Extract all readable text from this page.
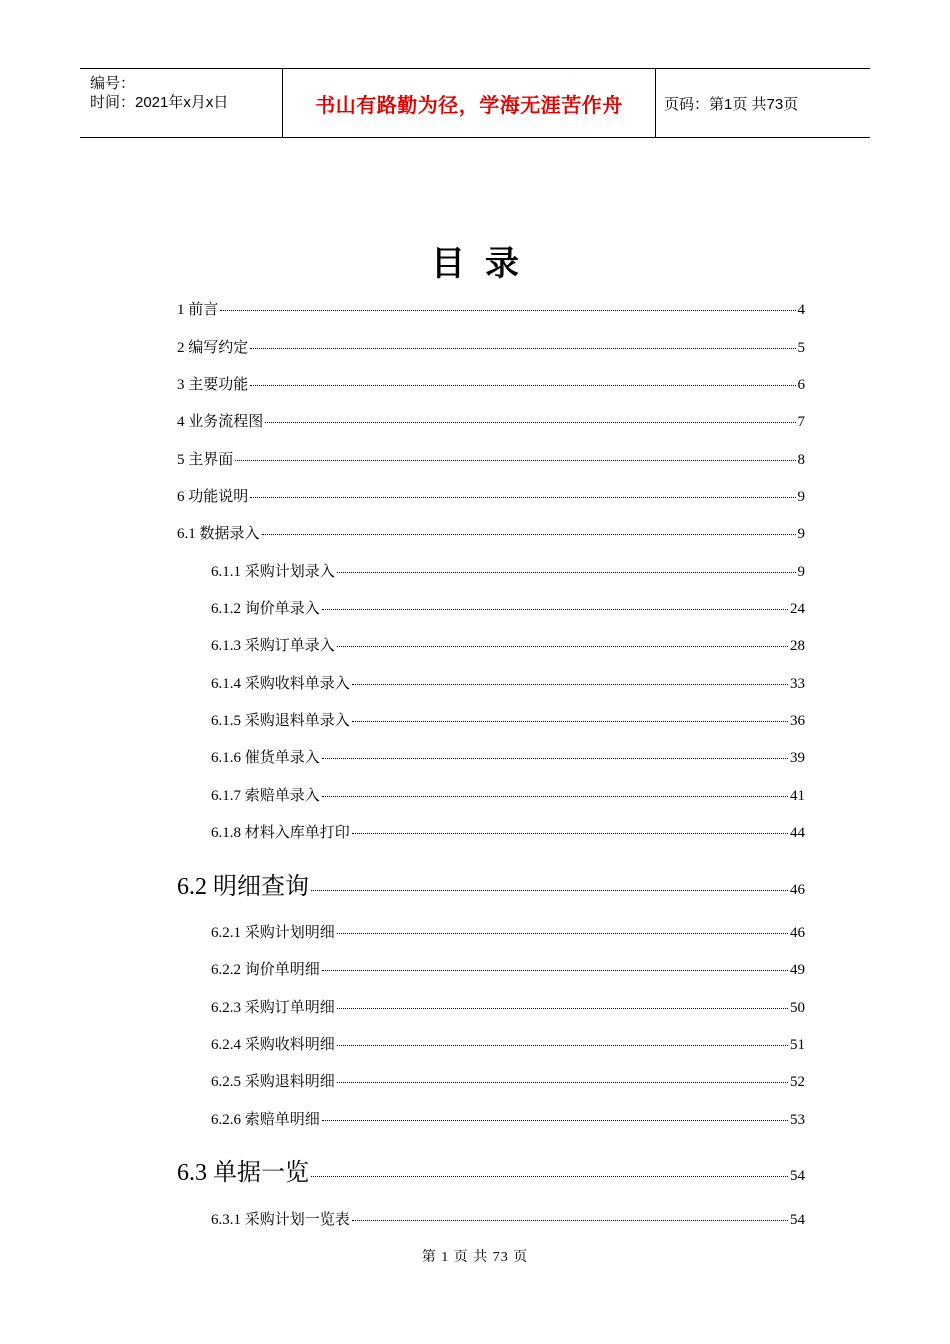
编号：
时间：2021年x月x日	书山有路勤为径，学海无涯苦作舟	页码：第1页 共73页
目录
1 前言	4
2 编写约定	5
3 主要功能	6
4 业务流程图	7
5 主界面	8
6 功能说明	9
6.1 数据录入	9
6.1.1 采购计划录入	9
6.1.2 询价单录入	24
6.1.3 采购订单录入	28
6.1.4 采购收料单录入	33
6.1.5 采购退料单录入	36
6.1.6 催货单录入	39
6.1.7 索赔单录入	41
6.1.8 材料入库单打印	44
6.2 明细查询	46
6.2.1 采购计划明细	46
6.2.2 询价单明细	49
6.2.3 采购订单明细	50
6.2.4 采购收料明细	51
6.2.5 采购退料明细	52
6.2.6 索赔单明细	53
6.3 单据一览	54
6.3.1 采购计划一览表	54
第 1 页 共 73 页
